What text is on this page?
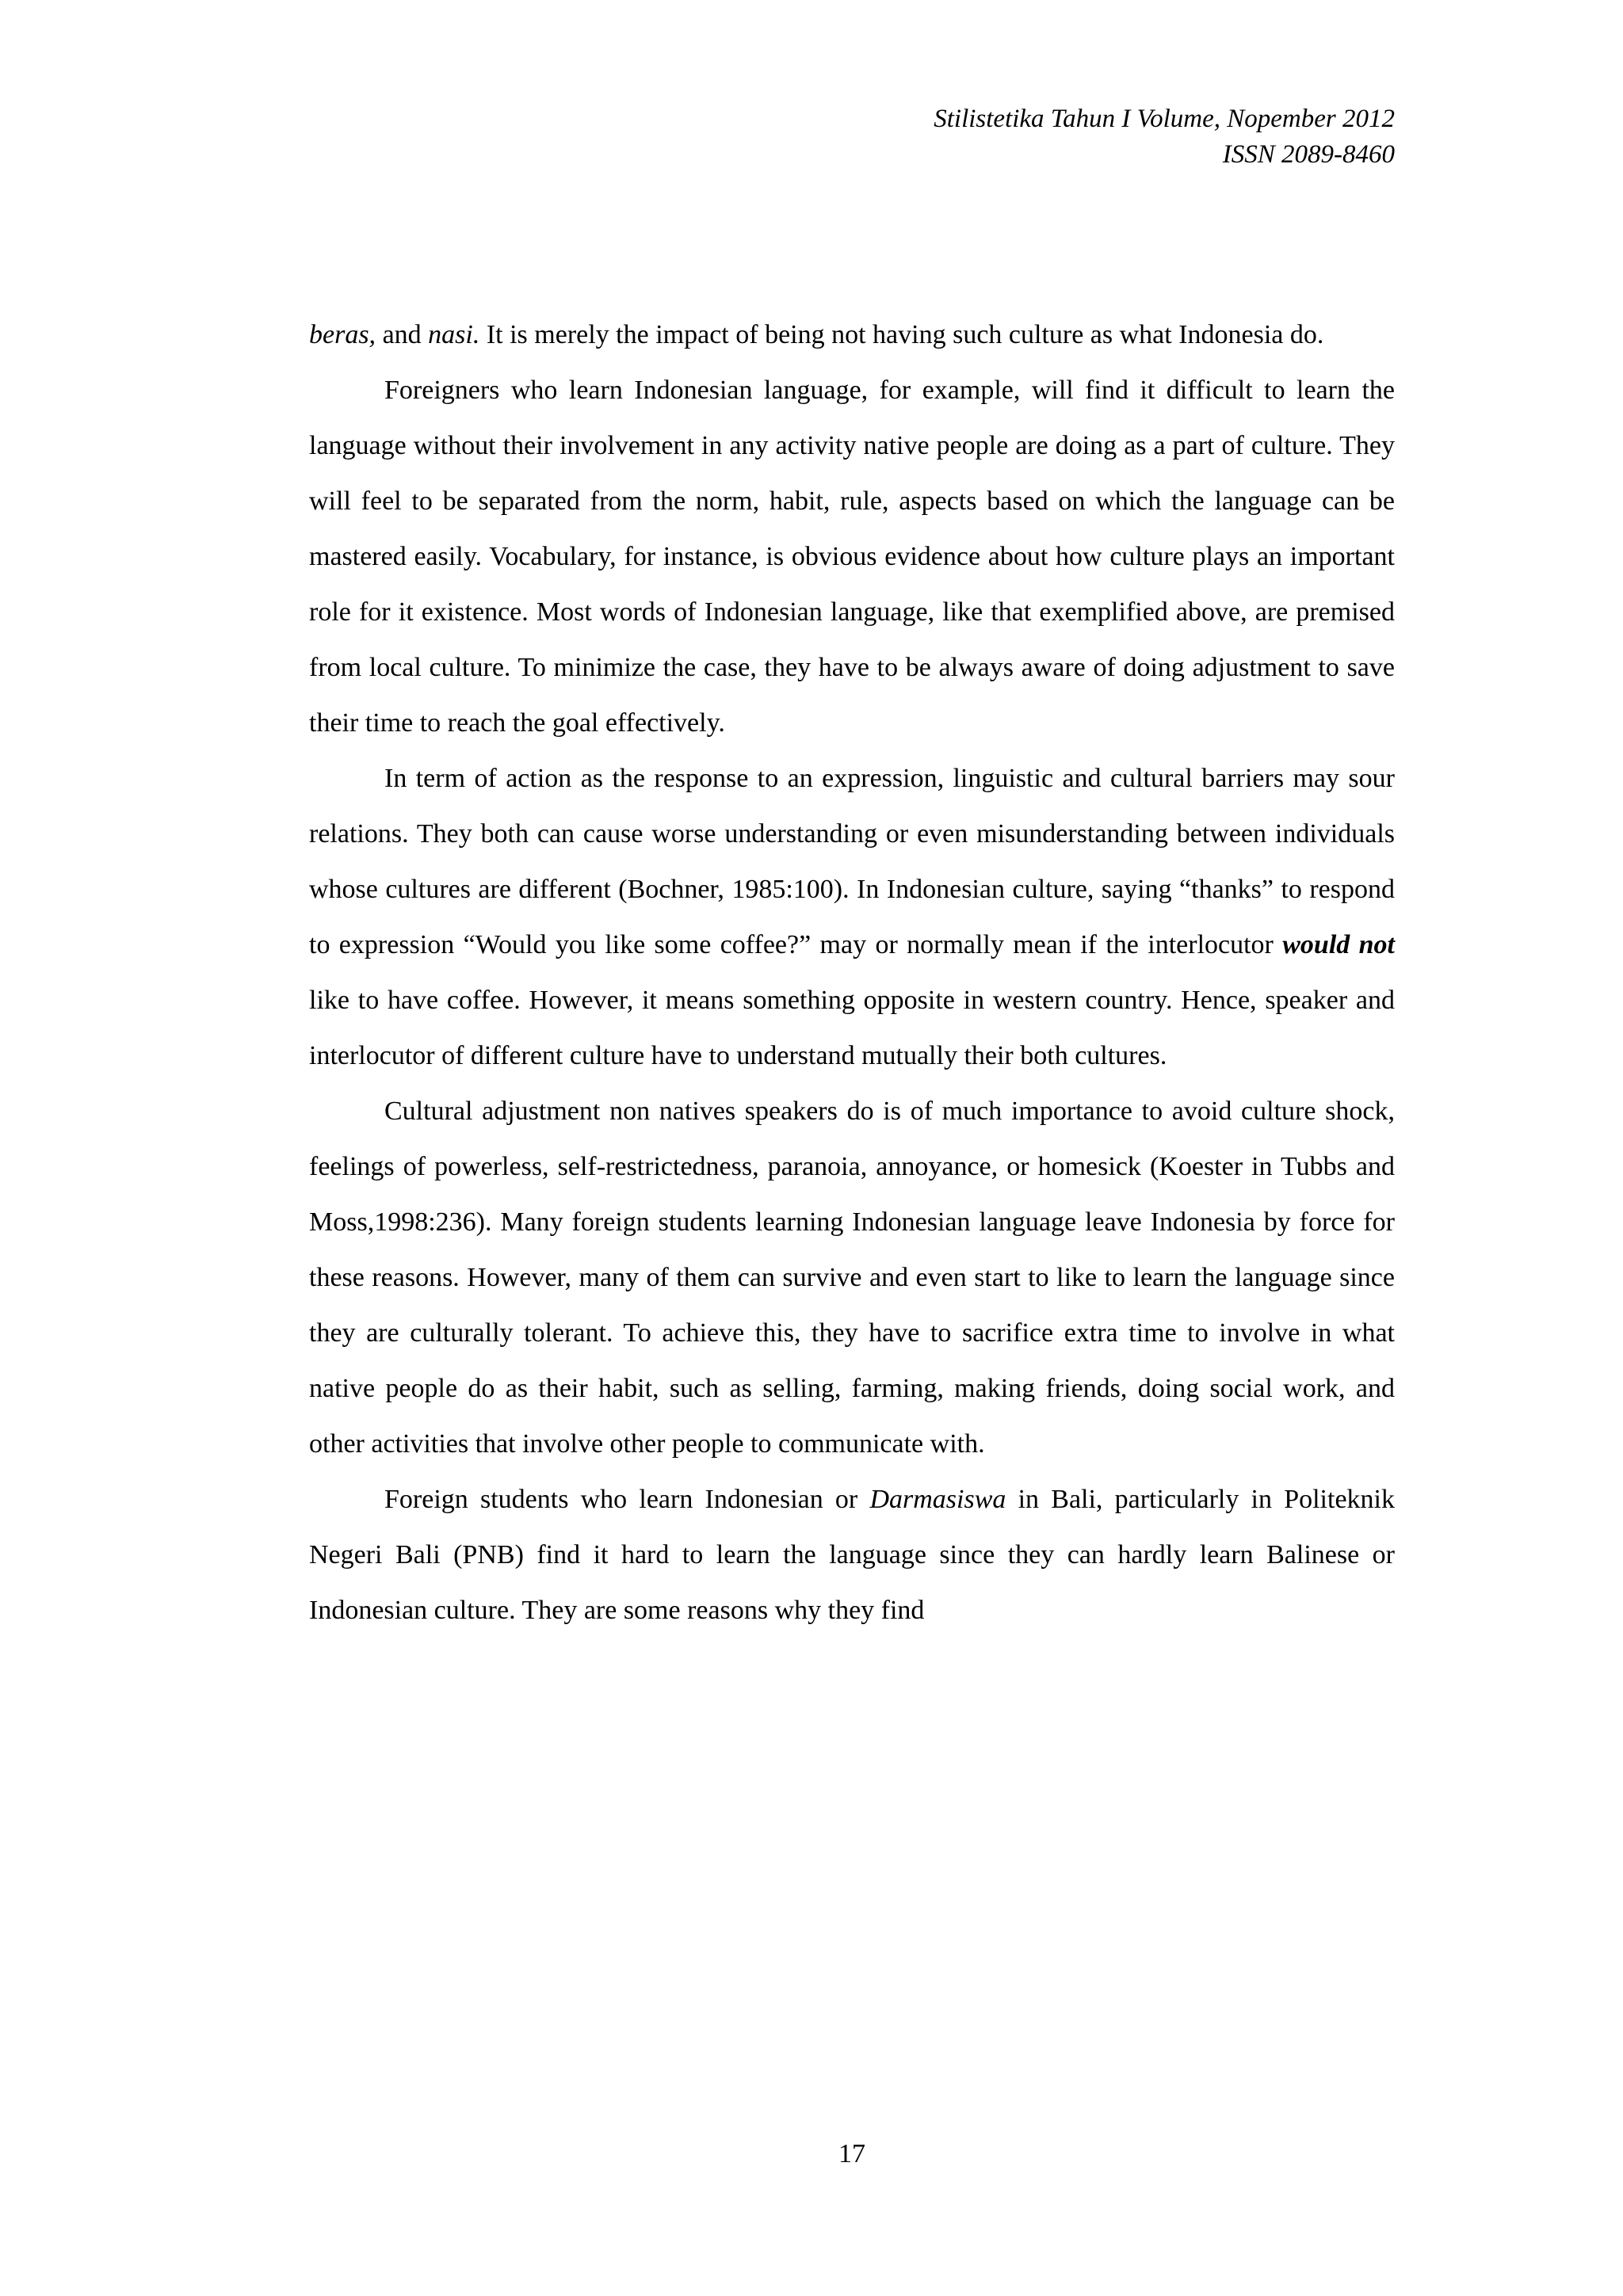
Stilistetika Tahun I Volume, Nopember 2012
ISSN 2089-8460

beras, and nasi. It is merely the impact of being not having such culture as what Indonesia do.

Foreigners who learn Indonesian language, for example, will find it difficult to learn the language without their involvement in any activity native people are doing as a part of culture. They will feel to be separated from the norm, habit, rule, aspects based on which the language can be mastered easily. Vocabulary, for instance, is obvious evidence about how culture plays an important role for it existence. Most words of Indonesian language, like that exemplified above, are premised from local culture. To minimize the case, they have to be always aware of doing adjustment to save their time to reach the goal effectively.

In term of action as the response to an expression, linguistic and cultural barriers may sour relations. They both can cause worse understanding or even misunderstanding between individuals whose cultures are different (Bochner, 1985:100). In Indonesian culture, saying “thanks” to respond to expression “Would you like some coffee?” may or normally mean if the interlocutor would not like to have coffee. However, it means something opposite in western country. Hence, speaker and interlocutor of different culture have to understand mutually their both cultures.

Cultural adjustment non natives speakers do is of much importance to avoid culture shock, feelings of powerless, self-restrictedness, paranoia, annoyance, or homesick (Koester in Tubbs and Moss,1998:236). Many foreign students learning Indonesian language leave Indonesia by force for these reasons. However, many of them can survive and even start to like to learn the language since they are culturally tolerant. To achieve this, they have to sacrifice extra time to involve in what native people do as their habit, such as selling, farming, making friends, doing social work, and other activities that involve other people to communicate with.

Foreign students who learn Indonesian or Darmasiswa in Bali, particularly in Politeknik Negeri Bali (PNB) find it hard to learn the language since they can hardly learn Balinese or Indonesian culture. They are some reasons why they find

17
